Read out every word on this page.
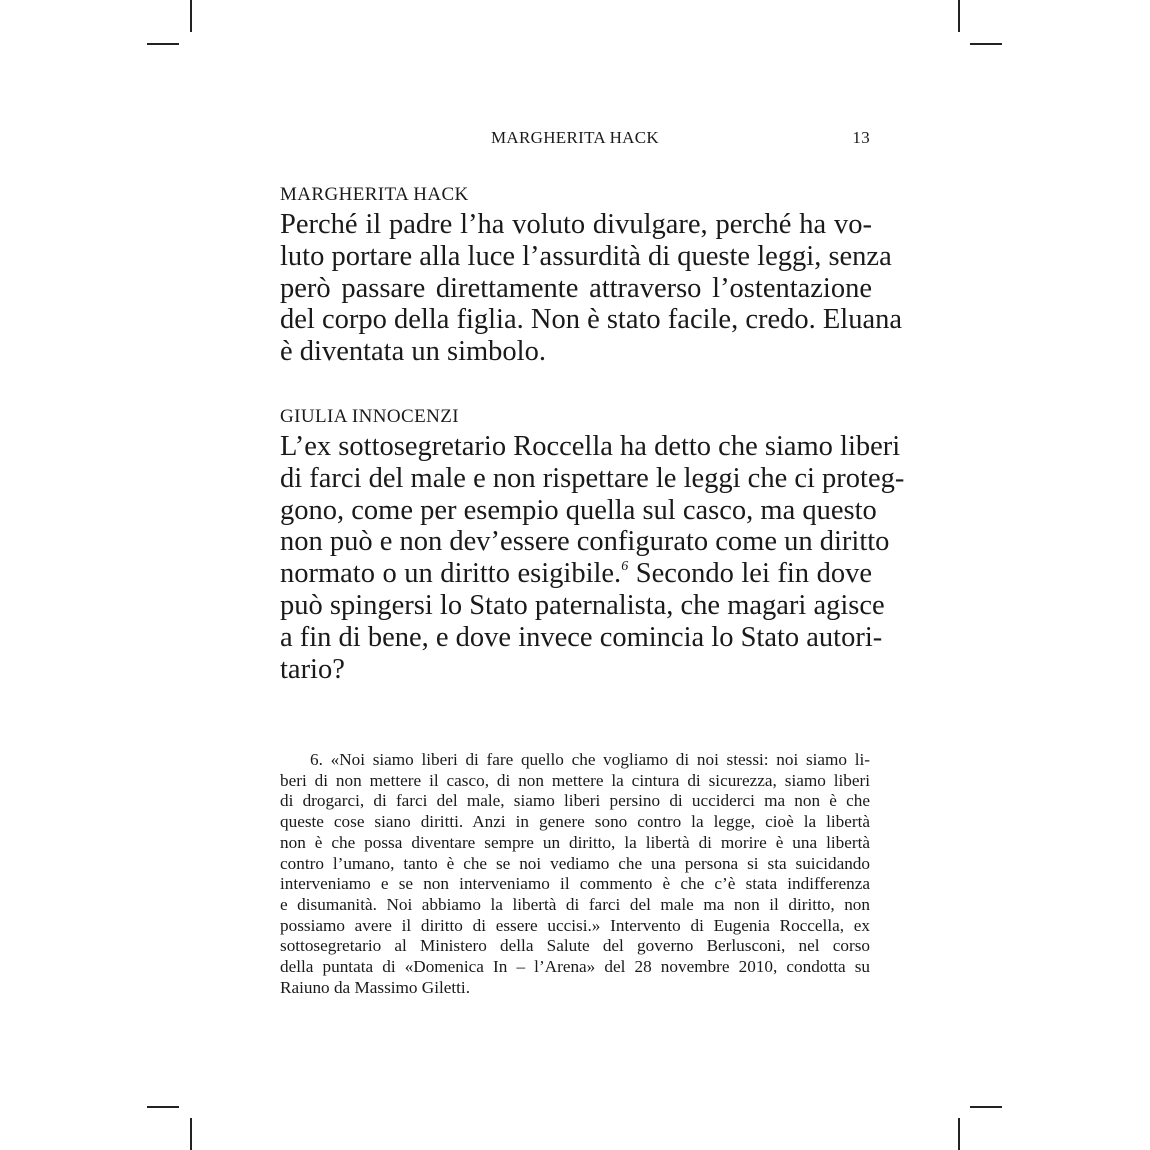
MARGHERITA HACK	13
MARGHERITA HACK
Perché il padre l’ha voluto divulgare, perché ha vo-
luto portare alla luce l’assurdità di queste leggi, senza
però passare direttamente attraverso l’ostentazione
del corpo della figlia. Non è stato facile, credo. Eluana
è diventata un simbolo.
GIULIA INNOCENZI
L’ex sottosegretario Roccella ha detto che siamo liberi
di farci del male e non rispettare le leggi che ci proteg-
gono, come per esempio quella sul casco, ma questo
non può e non dev’essere configurato come un diritto
normato o un diritto esigibile.$^6$ Secondo lei fin dove
può spingersi lo Stato paternalista, che magari agisce
a fin di bene, e dove invece comincia lo Stato autori-
tario?
6. «Noi siamo liberi di fare quello che vogliamo di noi stessi: noi siamo li-
beri di non mettere il casco, di non mettere la cintura di sicurezza, siamo liberi
di drogarci, di farci del male, siamo liberi persino di ucciderci ma non è che
queste cose siano diritti. Anzi in genere sono contro la legge, cioè la libertà
non è che possa diventare sempre un diritto, la libertà di morire è una libertà
contro l’umano, tanto è che se noi vediamo che una persona si sta suicidando
interveniamo e se non interveniamo il commento è che c’è stata indifferenza
e disumanità. Noi abbiamo la libertà di farci del male ma non il diritto, non
possiamo avere il diritto di essere uccisi.» Intervento di Eugenia Roccella, ex
sottosegretario al Ministero della Salute del governo Berlusconi, nel corso
della puntata di «Domenica In – l’Arena» del 28 novembre 2010, condotta su
Raiuno da Massimo Giletti.
